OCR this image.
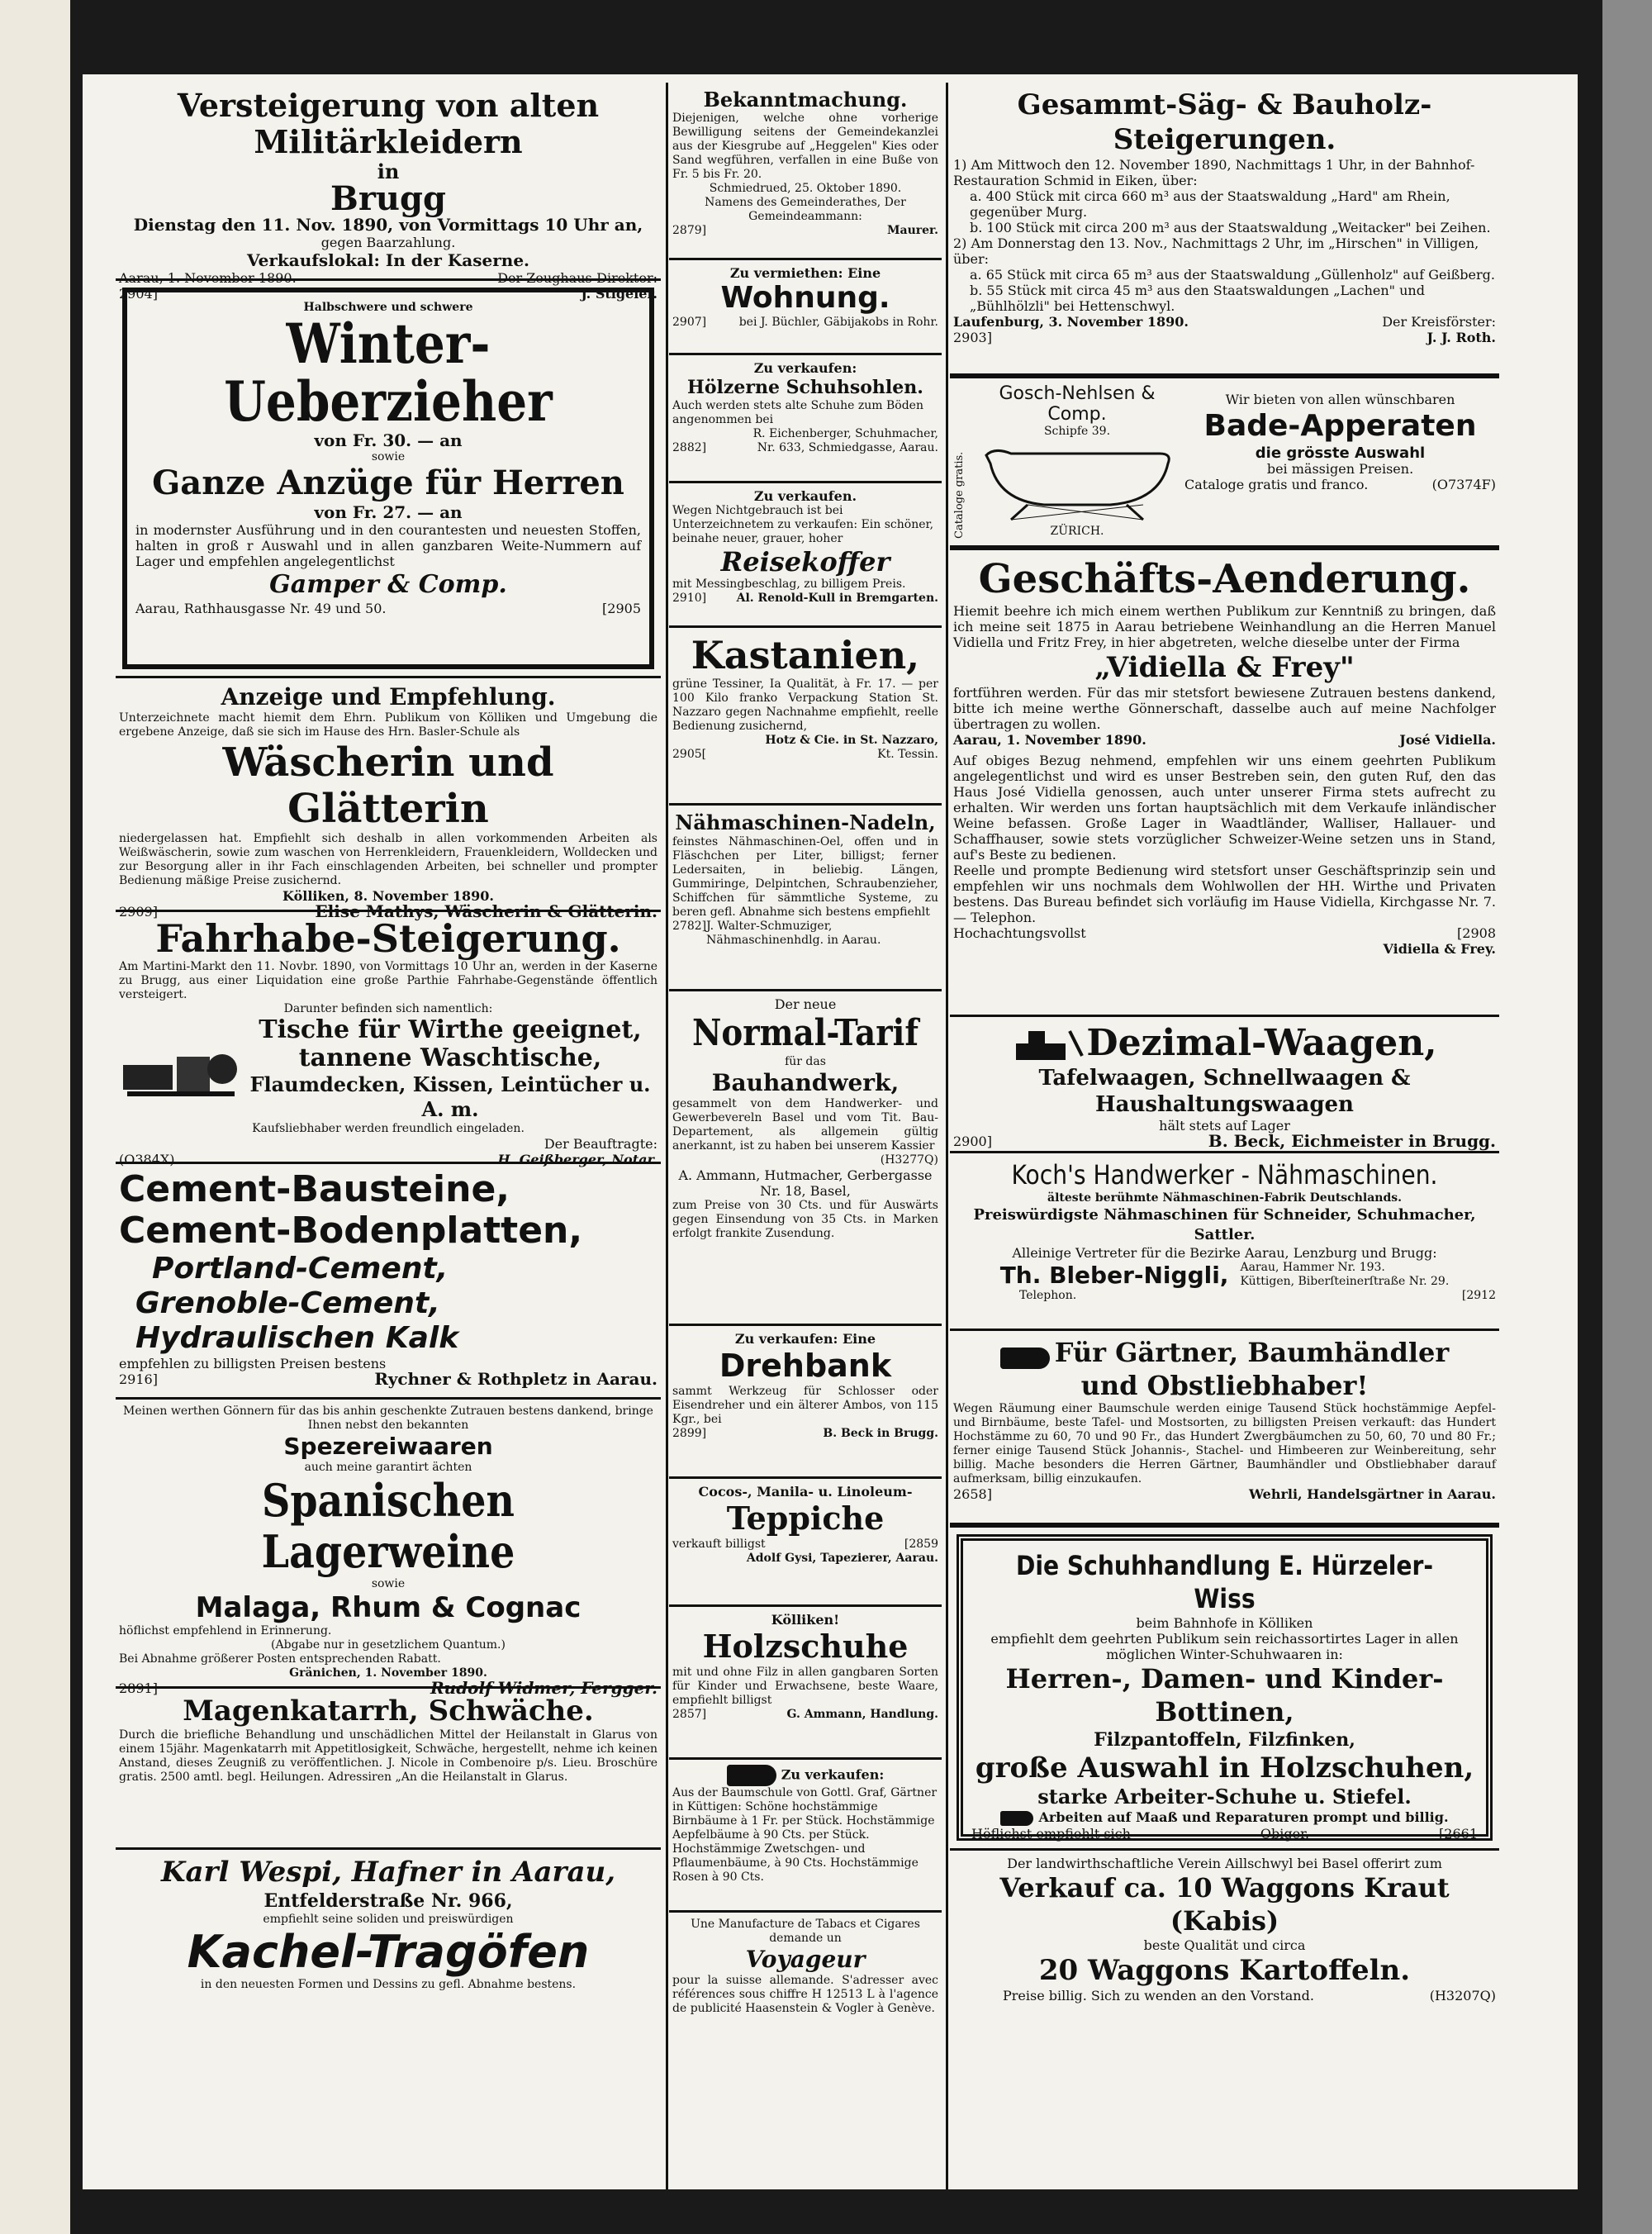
Versteigerung von alten Militärkleidern
in
Brugg
Dienstag den 11. Nov. 1890, von Vormittags 10 Uhr an,
gegen Baarzahlung.
Verkaufslokal: In der Kaserne.
Aarau, 1. November 1890.	Der Zeughaus-Direktor:
2904]	J. Stigeler.
Halbschwere und schwere
Winter-Ueberzieher
von Fr. 30. — an
sowie
Ganze Anzüge für Herren
von Fr. 27. — an
in modernster Ausführung und in den courantesten und neuesten Stoffen, halten in groß r Auswahl und in allen ganzbaren Weite-Nummern auf Lager und empfehlen angelegentlichst
Gamper & Comp.
Aarau, Rathhausgasse Nr. 49 und 50.	[2905
Anzeige und Empfehlung.
Unterzeichnete macht hiemit dem Ehrn. Publikum von Kölliken und Umgebung die ergebene Anzeige, daß sie sich im Hause des Hrn. Basler-Schule als
Wäscherin und Glätterin
niedergelassen hat. Empfiehlt sich deshalb in allen vorkommenden Arbeiten als Weißwäscherin, sowie zum waschen von Herrenkleidern, Frauenkleidern, Wolldecken und zur Besorgung aller in ihr Fach einschlagenden Arbeiten, bei schneller und prompter Bedienung mäßige Preise zusichernd.
Kölliken, 8. November 1890.
2909]	Elise Mathys, Wäscherin & Glätterin.
Fahrhabe-Steigerung.
Am Martini-Markt den 11. Novbr. 1890, von Vormittags 10 Uhr an, werden in der Kaserne zu Brugg, aus einer Liquidation eine große Parthie Fahrhabe-Gegenstände öffentlich versteigert.
Darunter befinden sich namentlich:
Tische für Wirthe geeignet,
tannene Waschtische,
Flaumdecken, Kissen, Leintücher u. A. m.
Kaufsliebhaber werden freundlich eingeladen.
Der Beauftragte:
(O384X)	H. Geißberger, Notar.
Cement-Bausteine,
Cement-Bodenplatten,
Portland-Cement,
Grenoble-Cement,
Hydraulischen Kalk
empfehlen zu billigsten Preisen bestens
2916]	Rychner & Rothpletz in Aarau.
Meinen werthen Gönnern für das bis anhin geschenkte Zutrauen bestens dankend, bringe Ihnen nebst den bekannten
Spezereiwaaren
auch meine garantirt ächten
Spanischen Lagerweine
sowie
Malaga, Rhum & Cognac
höflichst empfehlend in Erinnerung.
(Abgabe nur in gesetzlichem Quantum.)
Bei Abnahme größerer Posten entsprechenden Rabatt.
Gränichen, 1. November 1890.
2891]	Rudolf Widmer, Fergger.
Magenkatarrh, Schwäche.
Durch die briefliche Behandlung und unschädlichen Mittel der Heilanstalt in Glarus von einem 15jähr. Magenkatarrh mit Appetitlosigkeit, Schwäche, hergestellt, nehme ich keinen Anstand, dieses Zeugniß zu veröffentlichen. J. Nicole in Combenoire p/s. Lieu. Broschüre gratis. 2500 amtl. begl. Heilungen. Adressiren „An die Heilanstalt in Glarus.
Karl Wespi, Hafner in Aarau,
Entfelderstraße Nr. 966,
empfiehlt seine soliden und preiswürdigen
Kachel-Tragöfen
in den neuesten Formen und Dessins zu gefl. Abnahme bestens.
Bekanntmachung.
Diejenigen, welche ohne vorherige Bewilligung seitens der Gemeindekanzlei aus der Kiesgrube auf „Heggelen" Kies oder Sand wegführen, verfallen in eine Buße von Fr. 5 bis Fr. 20.
Schmiedrued, 25. Oktober 1890.
Namens des Gemeinderathes, Der Gemeindeammann:
2879]	Maurer.
Zu vermiethen: Eine
Wohnung.
2907]	bei J. Büchler, Gäbijakobs in Rohr.
Zu verkaufen:
Hölzerne Schuhsohlen.
Auch werden stets alte Schuhe zum Böden angenommen bei
R. Eichenberger, Schuhmacher,
2882]	Nr. 633, Schmiedgasse, Aarau.
Zu verkaufen.
Wegen Nichtgebrauch ist bei Unterzeichnetem zu verkaufen: Ein schöner, beinahe neuer, grauer, hoher
Reisekoffer
mit Messingbeschlag, zu billigem Preis.
2910]	Al. Renold-Kull in Bremgarten.
Kastanien,
grüne Tessiner, Ia Qualität, à Fr. 17. — per 100 Kilo franko Verpackung Station St. Nazzaro gegen Nachnahme empfiehlt, reelle Bedienung zusichernd,
Hotz & Cie. in St. Nazzaro,
2905[	Kt. Tessin.
Nähmaschinen-Nadeln,
feinstes Nähmaschinen-Oel, offen und in Fläschchen per Liter, billigst; ferner Ledersaiten, in beliebig. Längen, Gummiringe, Delpintchen, Schraubenzieher, Schiffchen für sämmtliche Systeme, zu beren gefl. Abnahme sich bestens empfiehlt
2782] J. Walter-Schmuziger, Nähmaschinenhdlg. in Aarau.
Der neue
Normal-Tarif
für das
Bauhandwerk,
gesammelt von dem Handwerker- und Gewerbevereln Basel und vom Tit. Bau-Departement, als allgemein gültig anerkannt, ist zu haben bei unserem Kassier
(H3277Q)
A. Ammann, Hutmacher, Gerbergasse Nr. 18, Basel,
zum Preise von 30 Cts. und für Auswärts gegen Einsendung von 35 Cts. in Marken erfolgt frankite Zusendung.
Zu verkaufen: Eine
Drehbank
sammt Werkzeug für Schlosser oder Eisendreher und ein älterer Ambos, von 115 Kgr., bei
2899]	B. Beck in Brugg.
Cocos-, Manila- u. Linoleum-
Teppiche
verkauft billigst	[2859
Adolf Gysi, Tapezierer, Aarau.
Kölliken!
Holzschuhe
mit und ohne Filz in allen gangbaren Sorten für Kinder und Erwachsene, beste Waare, empfiehlt billigst
2857]	G. Ammann, Handlung.
Zu verkaufen:
Aus der Baumschule von Gottl. Graf, Gärtner in Küttigen: Schöne hochstämmige Birnbäume à 1 Fr. per Stück. Hochstämmige Aepfelbäume à 90 Cts. per Stück. Hochstämmige Zwetschgen- und Pflaumenbäume, à 90 Cts. Hochstämmige Rosen à 90 Cts.
Une Manufacture de Tabacs et Cigares demande un
Voyageur
pour la suisse allemande. S'adresser avec références sous chiffre H 12513 L à l'agence de publicité Haasenstein & Vogler à Genève.
Gesammt-Säg- & Bauholz-Steigerungen.
1) Am Mittwoch den 12. November 1890, Nachmittags 1 Uhr, in der Bahnhof-Restauration Schmid in Eiken, über:
a. 400 Stück mit circa 660 m³ aus der Staatswaldung „Hard" am Rhein, gegenüber Murg.
b. 100 Stück mit circa 200 m³ aus der Staatswaldung „Weitacker" bei Zeihen.
2) Am Donnerstag den 13. Nov., Nachmittags 2 Uhr, im „Hirschen" in Villigen, über:
a. 65 Stück mit circa 65 m³ aus der Staatswaldung „Güllenholz" auf Geißberg.
b. 55 Stück mit circa 45 m³ aus den Staatswaldungen „Lachen" und „Bühlhölzli" bei Hettenschwyl.
Laufenburg, 3. November 1890.	Der Kreisförster:
2903]	J. J. Roth.
Cataloge gratis.
Gosch-Nehlsen & Comp.
Schipfe 39.
ZÜRICH.
Wir bieten von allen wünschbaren
Bade-Apperaten
die grösste Auswahl
bei mässigen Preisen.
Cataloge gratis und franco.	(O7374F)
Geschäfts-Aenderung.
Hiemit beehre ich mich einem werthen Publikum zur Kenntniß zu bringen, daß ich meine seit 1875 in Aarau betriebene Weinhandlung an die Herren Manuel Vidiella und Fritz Frey, in hier abgetreten, welche dieselbe unter der Firma
„Vidiella & Frey"
fortführen werden. Für das mir stetsfort bewiesene Zutrauen bestens dankend, bitte ich meine werthe Gönnerschaft, dasselbe auch auf meine Nachfolger übertragen zu wollen.
Aarau, 1. November 1890.	José Vidiella.
Auf obiges Bezug nehmend, empfehlen wir uns einem geehrten Publikum angelegentlichst und wird es unser Bestreben sein, den guten Ruf, den das Haus José Vidiella genossen, auch unter unserer Firma stets aufrecht zu erhalten. Wir werden uns fortan hauptsächlich mit dem Verkaufe inländischer Weine befassen. Große Lager in Waadtländer, Walliser, Hallauer- und Schaffhauser, sowie stets vorzüglicher Schweizer-Weine setzen uns in Stand, auf's Beste zu bedienen.
Reelle und prompte Bedienung wird stetsfort unser Geschäftsprinzip sein und empfehlen wir uns nochmals dem Wohlwollen der HH. Wirthe und Privaten bestens. Das Bureau befindet sich vorläufig im Hause Vidiella, Kirchgasse Nr. 7. — Telephon.
Hochachtungsvollst	[2908
Vidiella & Frey.
Dezimal-Waagen,
Tafelwaagen, Schnellwaagen & Haushaltungswaagen
hält stets auf Lager
2900]	B. Beck, Eichmeister in Brugg.
Koch's Handwerker - Nähmaschinen.
älteste berühmte Nähmaschinen-Fabrik Deutschlands.
Preiswürdigste Nähmaschinen für Schneider, Schuhmacher, Sattler.
Alleinige Vertreter für die Bezirke Aarau, Lenzburg und Brugg:
Th. Bleber-Niggli, Aarau, Hammer Nr. 193.
Küttigen, Biberſteinerſtraße Nr. 29.
Telephon.	[2912
Für Gärtner, Baumhändler
und Obstliebhaber!
Wegen Räumung einer Baumschule werden einige Tausend Stück hochstämmige Aepfel- und Birnbäume, beste Tafel- und Mostsorten, zu billigsten Preisen verkauft: das Hundert Hochstämme zu 60, 70 und 90 Fr., das Hundert Zwergbäumchen zu 50, 60, 70 und 80 Fr.; ferner einige Tausend Stück Johannis-, Stachel- und Himbeeren zur Weinbereitung, sehr billig. Mache besonders die Herren Gärtner, Baumhändler und Obstliebhaber darauf aufmerksam, billig einzukaufen.
2658]	Wehrli, Handelsgärtner in Aarau.
Die Schuhhandlung E. Hürzeler-Wiss
beim Bahnhofe in Kölliken
empfiehlt dem geehrten Publikum sein reichassortirtes Lager in allen möglichen Winter-Schuhwaaren in:
Herren-, Damen- und Kinder-Bottinen,
Filzpantoffeln, Filzfinken,
große Auswahl in Holzschuhen,
starke Arbeiter-Schuhe u. Stiefel.
Arbeiten auf Maaß und Reparaturen prompt und billig.
Höflichst empfiehlt sich	Obiger.	[2661
Der landwirthschaftliche Verein Aillschwyl bei Basel offerirt zum
Verkauf ca. 10 Waggons Kraut (Kabis)
beste Qualität und circa
20 Waggons Kartoffeln.
Preise billig. Sich zu wenden an den Vorstand.	(H3207Q)
